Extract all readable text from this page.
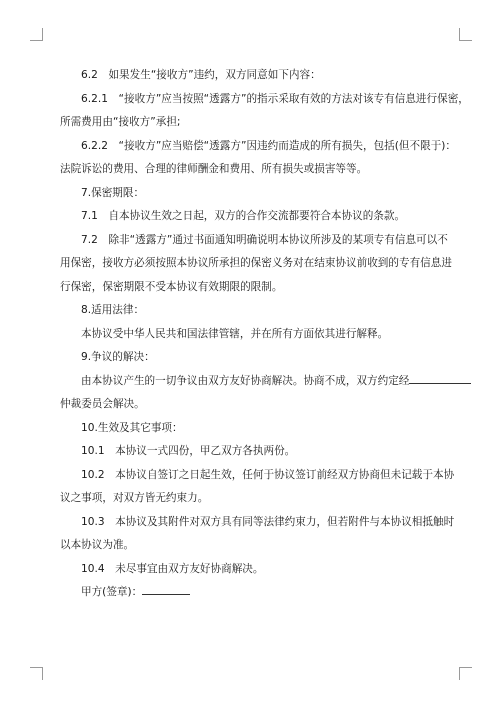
6.2　如果发生“接收方”违约，双方同意如下内容：

6.2.1　“接收方”应当按照“透露方”的指示采取有效的方法对该专有信息进行保密，

所需费用由“接收方”承担;

6.2.2　“接收方”应当赔偿“透露方”因违约而造成的所有损失，包括(但不限于)：

法院诉讼的费用、合理的律师酬金和费用、所有损失或损害等等。

7.保密期限：

7.1　自本协议生效之日起，双方的合作交流都要符合本协议的条款。

7.2　除非“透露方”通过书面通知明确说明本协议所涉及的某项专有信息可以不

用保密，接收方必须按照本协议所承担的保密义务对在结束协议前收到的专有信息进

行保密，保密期限不受本协议有效期限的限制。

8.适用法律：

本协议受中华人民共和国法律管辖，并在所有方面依其进行解释。

9.争议的解决：

由本协议产生的一切争议由双方友好协商解决。协商不成，双方约定经

仲裁委员会解决。

10.生效及其它事项：

10.1　本协议一式四份，甲乙双方各执两份。

10.2　本协议自签订之日起生效，任何于协议签订前经双方协商但未记载于本协

议之事项，对双方皆无约束力。

10.3　本协议及其附件对双方具有同等法律约束力，但若附件与本协议相抵触时

以本协议为准。

10.4　未尽事宜由双方友好协商解决。

甲方(签章)：
